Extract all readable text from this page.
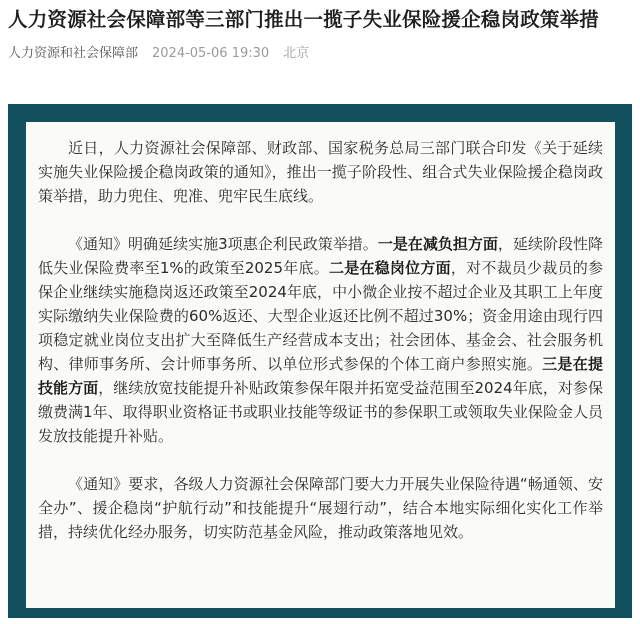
人力资源社会保障部等三部门推出一揽子失业保险援企稳岗政策举措
人力资源和社会保障部 2024-05-06 19:30 北京

近日，人力资源社会保障部、财政部、国家税务总局三部门联合印发《关于延续实施失业保险援企稳岗政策的通知》，推出一揽子阶段性、组合式失业保险援企稳岗政策举措，助力兜住、兜准、兜牢民生底线。

《通知》明确延续实施3项惠企利民政策举措。一是在减负担方面，延续阶段性降低失业保险费率至1%的政策至2025年底。二是在稳岗位方面，对不裁员少裁员的参保企业继续实施稳岗返还政策至2024年底，中小微企业按不超过企业及其职工上年度实际缴纳失业保险费的60%返还、大型企业返还比例不超过30%；资金用途由现行四项稳定就业岗位支出扩大至降低生产经营成本支出；社会团体、基金会、社会服务机构、律师事务所、会计师事务所、以单位形式参保的个体工商户参照实施。三是在提技能方面，继续放宽技能提升补贴政策参保年限并拓宽受益范围至2024年底，对参保缴费满1年、取得职业资格证书或职业技能等级证书的参保职工或领取失业保险金人员发放技能提升补贴。

《通知》要求，各级人力资源社会保障部门要大力开展失业保险待遇“畅通领、安全办”、援企稳岗“护航行动”和技能提升“展翅行动”，结合本地实际细化实化工作举措，持续优化经办服务，切实防范基金风险，推动政策落地见效。
